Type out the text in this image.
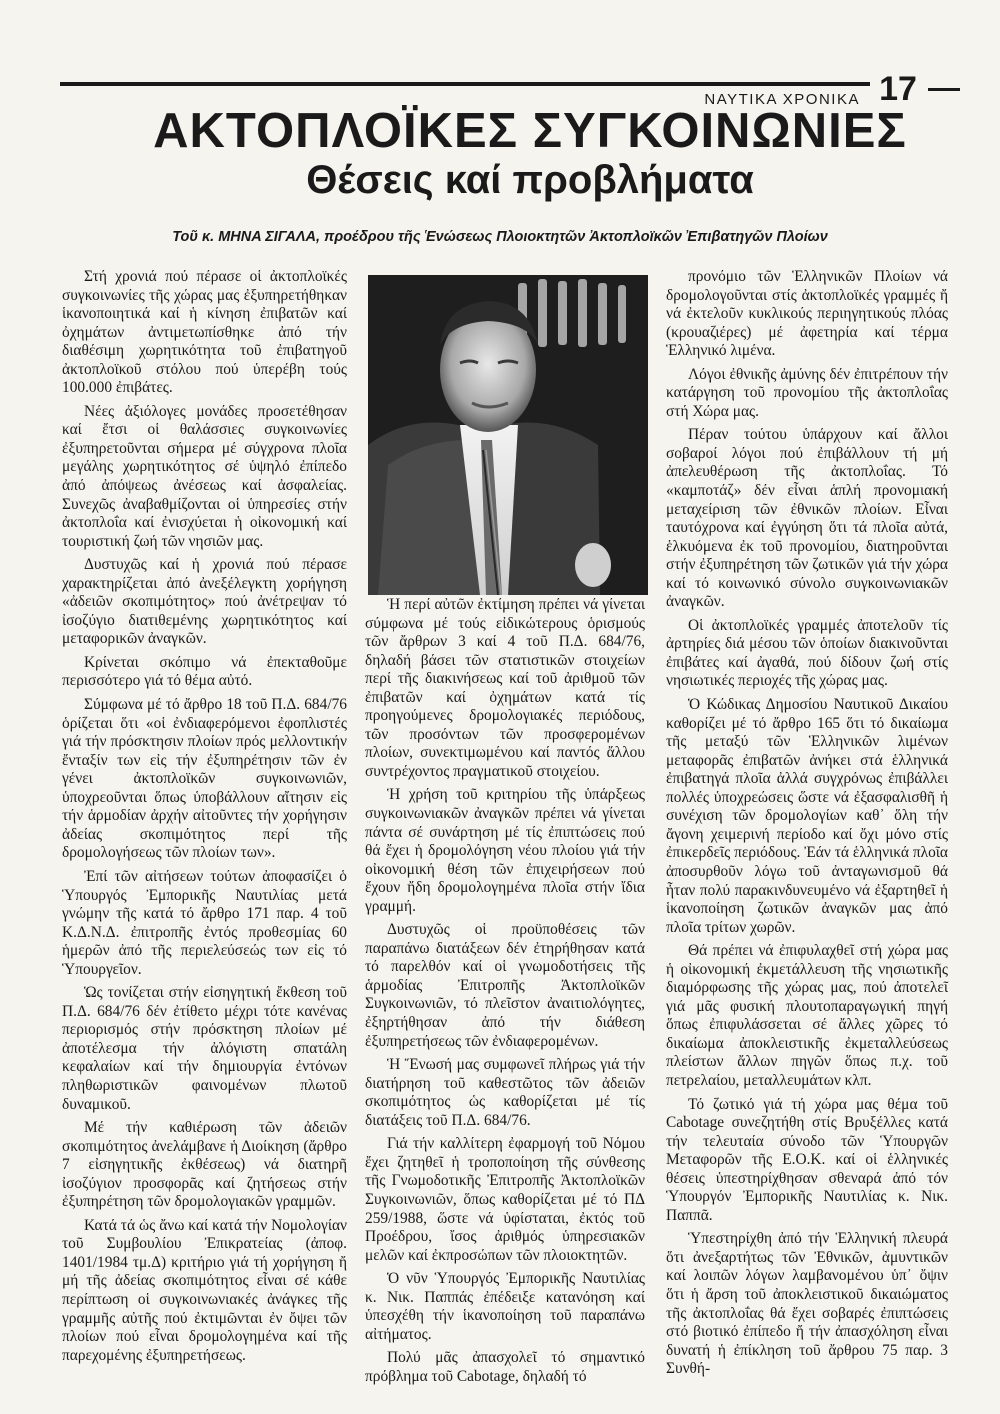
ΝΑΥΤΙΚΑ ΧΡΟΝΙΚΑ 17
ΑΚΤΟΠΛΟΪΚΕΣ ΣΥΓΚΟΙΝΩΝΙΕΣ
Θέσεις καί προβλήματα
Τοῦ κ. ΜΗΝΑ ΣΙΓΑΛΑ, προέδρου τῆς Ἑνώσεως Πλοιοκτητῶν Ἀκτοπλοϊκῶν Ἐπιβατηγῶν Πλοίων

Στή χρονιά πού πέρασε οἱ ἀκτοπλοϊκές συγκοινωνίες τῆς χώρας μας ἐξυπηρετήθηκαν ἱκανοποιητικά καί ἡ κίνηση ἐπιβατῶν καί ὀχημάτων ἀντιμετωπίσθηκε ἀπό τήν διαθέσιμη χωρητικότητα τοῦ ἐπιβατηγοῦ ἀκτοπλοϊκοῦ στόλου πού ὑπερέβη τούς 100.000 ἐπιβάτες.

Νέες ἀξιόλογες μονάδες προσετέθησαν καί ἔτσι οἱ θαλάσσιες συγκοινωνίες ἐξυπηρετοῦνται σήμερα μέ σύγχρονα πλοῖα μεγάλης χωρητικότητος σέ ὑψηλό ἐπίπεδο ἀπό ἀπόψεως ἀνέσεως καί ἀσφαλείας. Συνεχῶς ἀναβαθμίζονται οἱ ὑπηρεσίες στήν ἀκτοπλοΐα καί ἐνισχύεται ἡ οἰκονομική καί τουριστική ζωή τῶν νησιῶν μας.

Δυστυχῶς καί ἡ χρονιά πού πέρασε χαρακτηρίζεται ἀπό ἀνεξέλεγκτη χορήγηση «ἀδειῶν σκοπιμότητος» πού ἀνέτρεψαν τό ἰσοζύγιο διατιθεμένης χωρητικότητος καί μεταφορικῶν ἀναγκῶν.

Κρίνεται σκόπιμο νά ἐπεκταθοῦμε περισσότερο γιά τό θέμα αὐτό.

Σύμφωνα μέ τό ἄρθρο 18 τοῦ Π.Δ. 684/76 ὁρίζεται ὅτι «οἱ ἐνδιαφερόμενοι ἐφοπλιστές γιά τήν πρόσκτησιν πλοίων πρός μελλοντικήν ἔνταξίν των εἰς τήν ἐξυπηρέτησιν τῶν ἐν γένει ἀκτοπλοϊκῶν συγκοινωνιῶν, ὑποχρεοῦνται ὅπως ὑποβάλλουν αἴτησιν εἰς τήν ἁρμοδίαν ἀρχήν αἰτοῦντες τήν χορήγησιν ἀδείας σκοπιμότητος περί τῆς δρομολογήσεως τῶν πλοίων των».

Ἐπί τῶν αἰτήσεων τούτων ἀποφασίζει ὁ Ὑπουργός Ἐμπορικῆς Ναυτιλίας μετά γνώμην τῆς κατά τό ἄρθρο 171 παρ. 4 τοῦ Κ.Δ.Ν.Δ. ἐπιτροπῆς ἐντός προθεσμίας 60 ἡμερῶν ἀπό τῆς περιελεύσεώς των εἰς τό Ὑπουργεῖον.

Ὡς τονίζεται στήν εἰσηγητική ἔκθεση τοῦ Π.Δ. 684/76 δέν ἐτίθετο μέχρι τότε κανένας περιορισμός στήν πρόσκτηση πλοίων μέ ἀποτέλεσμα τήν ἀλόγιστη σπατάλη κεφαλαίων καί τήν δημιουργία ἐντόνων πληθωριστικῶν φαινομένων πλωτοῦ δυναμικοῦ.

Μέ τήν καθιέρωση τῶν ἀδειῶν σκοπιμότητος ἀνελάμβανε ἡ Διοίκηση (ἄρθρο 7 εἰσηγητικῆς ἐκθέσεως) νά διατηρῆ ἰσοζύγιον προσφορᾶς καί ζητήσεως στήν ἐξυπηρέτηση τῶν δρομολογιακῶν γραμμῶν.

Κατά τά ὡς ἄνω καί κατά τήν Νομολογίαν τοῦ Συμβουλίου Ἐπικρατείας (ἀποφ. 1401/1984 τμ.Δ) κριτήριο γιά τή χορήγηση ἤ μή τῆς ἀδείας σκοπιμότητος εἶναι σέ κάθε περίπτωση οἱ συγκοινωνιακές ἀνάγκες τῆς γραμμῆς αὐτῆς πού ἐκτιμῶνται ἐν ὄψει τῶν πλοίων πού εἶναι δρομολογημένα καί τῆς παρεχομένης ἐξυπηρετήσεως.

Ἡ περί αὐτῶν ἐκτίμηση πρέπει νά γίνεται σύμφωνα μέ τούς εἰδικώτερους ὁρισμούς τῶν ἄρθρων 3 καί 4 τοῦ Π.Δ. 684/76, δηλαδή βάσει τῶν στατιστικῶν στοιχείων περί τῆς διακινήσεως καί τοῦ ἀριθμοῦ τῶν ἐπιβατῶν καί ὀχημάτων κατά τίς προηγούμενες δρομολογιακές περιόδους, τῶν προσόντων τῶν προσφερομένων πλοίων, συνεκτιμωμένου καί παντός ἄλλου συντρέχοντος πραγματικοῦ στοιχείου.

Ἡ χρήση τοῦ κριτηρίου τῆς ὑπάρξεως συγκοινωνιακῶν ἀναγκῶν πρέπει νά γίνεται πάντα σέ συνάρτηση μέ τίς ἐπιπτώσεις πού θά ἔχει ἡ δρομολόγηση νέου πλοίου γιά τήν οἰκονομική θέση τῶν ἐπιχειρήσεων πού ἔχουν ἤδη δρομολογημένα πλοῖα στήν ἴδια γραμμή.

Δυστυχῶς οἱ προϋποθέσεις τῶν παραπάνω διατάξεων δέν ἐτηρήθησαν κατά τό παρελθόν καί οἱ γνωμοδοτήσεις τῆς ἁρμοδίας Ἐπιτροπῆς Ἀκτοπλοϊκῶν Συγκοινωνιῶν, τό πλεῖστον ἀναιτιολόγητες, ἐξηρτήθησαν ἀπό τήν διάθεση ἐξυπηρετήσεως τῶν ἐνδιαφερομένων.

Ἡ Ἕνωσή μας συμφωνεῖ πλήρως γιά τήν διατήρηση τοῦ καθεστῶτος τῶν ἀδειῶν σκοπιμότητος ὡς καθορίζεται μέ τίς διατάξεις τοῦ Π.Δ. 684/76.

Γιά τήν καλλίτερη ἐφαρμογή τοῦ Νόμου ἔχει ζητηθεῖ ἡ τροποποίηση τῆς σύνθεσης τῆς Γνωμοδοτικῆς Ἐπιτροπῆς Ἀκτοπλοϊκῶν Συγκοινωνιῶν, ὅπως καθορίζεται μέ τό ΠΔ 259/1988, ὥστε νά ὑφίσταται, ἐκτός τοῦ Προέδρου, ἴσος ἀριθμός ὑπηρεσιακῶν μελῶν καί ἐκπροσώπων τῶν πλοιοκτητῶν.

Ὁ νῦν Ὑπουργός Ἐμπορικῆς Ναυτιλίας κ. Νικ. Παππάς ἐπέδειξε κατανόηση καί ὑπεσχέθη τήν ἱκανοποίηση τοῦ παραπάνω αἰτήματος.

Πολύ μᾶς ἀπασχολεῖ τό σημαντικό πρόβλημα τοῦ Cabotage, δηλαδή τό

προνόμιο τῶν Ἑλληνικῶν Πλοίων νά δρομολογοῦνται στίς ἀκτοπλοϊκές γραμμές ἤ νά ἐκτελοῦν κυκλικούς περιηγητικούς πλόας (κρουαζιέρες) μέ ἀφετηρία καί τέρμα Ἑλληνικό λιμένα.

Λόγοι ἐθνικῆς ἀμύνης δέν ἐπιτρέπουν τήν κατάργηση τοῦ προνομίου τῆς ἀκτοπλοΐας στή Χώρα μας.

Πέραν τούτου ὑπάρχουν καί ἄλλοι σοβαροί λόγοι πού ἐπιβάλλουν τή μή ἀπελευθέρωση τῆς ἀκτοπλοΐας. Τό «καμποτάζ» δέν εἶναι ἁπλή προνομιακή μεταχείριση τῶν ἐθνικῶν πλοίων. Εἶναι ταυτόχρονα καί ἐγγύηση ὅτι τά πλοῖα αὐτά, ἑλκυόμενα ἐκ τοῦ προνομίου, διατηροῦνται στήν ἐξυπηρέτηση τῶν ζωτικῶν γιά τήν χώρα καί τό κοινωνικό σύνολο συγκοινωνιακῶν ἀναγκῶν.

Οἱ ἀκτοπλοϊκές γραμμές ἀποτελοῦν τίς ἀρτηρίες διά μέσου τῶν ὁποίων διακινοῦνται ἐπιβάτες καί ἀγαθά, πού δίδουν ζωή στίς νησιωτικές περιοχές τῆς χώρας μας.

Ὁ Κώδικας Δημοσίου Ναυτικοῦ Δικαίου καθορίζει μέ τό ἄρθρο 165 ὅτι τό δικαίωμα τῆς μεταξύ τῶν Ἑλληνικῶν λιμένων μεταφορᾶς ἐπιβατῶν ἀνήκει στά ἑλληνικά ἐπιβατηγά πλοῖα ἀλλά συγχρόνως ἐπιβάλλει πολλές ὑποχρεώσεις ὥστε νά ἐξασφαλισθῆ ἡ συνέχιση τῶν δρομολογίων καθ᾽ ὅλη τήν ἄγονη χειμερινή περίοδο καί ὄχι μόνο στίς ἐπικερδεῖς περιόδους. Ἐάν τά ἑλληνικά πλοῖα ἀποσυρθοῦν λόγω τοῦ ἀνταγωνισμοῦ θά ἦταν πολύ παρακινδυνευμένο νά ἐξαρτηθεῖ ἡ ἱκανοποίηση ζωτικῶν ἀναγκῶν μας ἀπό πλοῖα τρίτων χωρῶν.

Θά πρέπει νά ἐπιφυλαχθεῖ στή χώρα μας ἡ οἰκονομική ἐκμετάλλευση τῆς νησιωτικῆς διαμόρφωσης τῆς χώρας μας, πού ἀποτελεῖ γιά μᾶς φυσική πλουτοπαραγωγική πηγή ὅπως ἐπιφυλάσσεται σέ ἄλλες χῶρες τό δικαίωμα ἀποκλειστικῆς ἐκμεταλλεύσεως πλείστων ἄλλων πηγῶν ὅπως π.χ. τοῦ πετρελαίου, μεταλλευμάτων κλπ.

Τό ζωτικό γιά τή χώρα μας θέμα τοῦ Cabotage συνεζητήθη στίς Βρυξέλλες κατά τήν τελευταία σύνοδο τῶν Ὑπουργῶν Μεταφορῶν τῆς Ε.Ο.Κ. καί οἱ ἑλληνικές θέσεις ὑπεστηρίχθησαν σθεναρά ἀπό τόν Ὑπουργόν Ἐμπορικῆς Ναυτιλίας κ. Νικ. Παππᾶ.

Ὑπεστηρίχθη ἀπό τήν Ἑλληνική πλευρά ὅτι ἀνεξαρτήτως τῶν Ἐθνικῶν, ἀμυντικῶν καί λοιπῶν λόγων λαμβανομένου ὑπ᾽ ὄψιν ὅτι ἡ ἄρση τοῦ ἀποκλειστικοῦ δικαιώματος τῆς ἀκτοπλοΐας θά ἔχει σοβαρές ἐπιπτώσεις στό βιοτικό ἐπίπεδο ἤ τήν ἀπασχόληση εἶναι δυνατή ἡ ἐπίκληση τοῦ ἄρθρου 75 παρ. 3 Συνθή-
